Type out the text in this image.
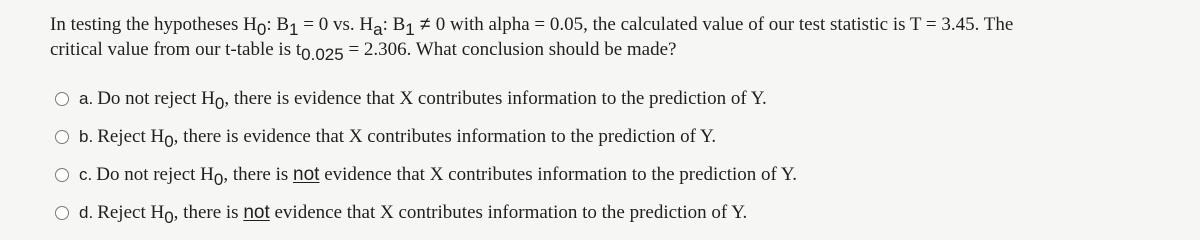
In testing the hypotheses H0: B1 = 0 vs. Ha: B1 ≠ 0 with alpha = 0.05, the calculated value of our test statistic is T = 3.45. The
critical value from our t-table is t0.025 = 2.306. What conclusion should be made?
a. Do not reject H0, there is evidence that X contributes information to the prediction of Y.
b. Reject H0, there is evidence that X contributes information to the prediction of Y.
c. Do not reject H0, there is not evidence that X contributes information to the prediction of Y.
d. Reject H0, there is not evidence that X contributes information to the prediction of Y.
